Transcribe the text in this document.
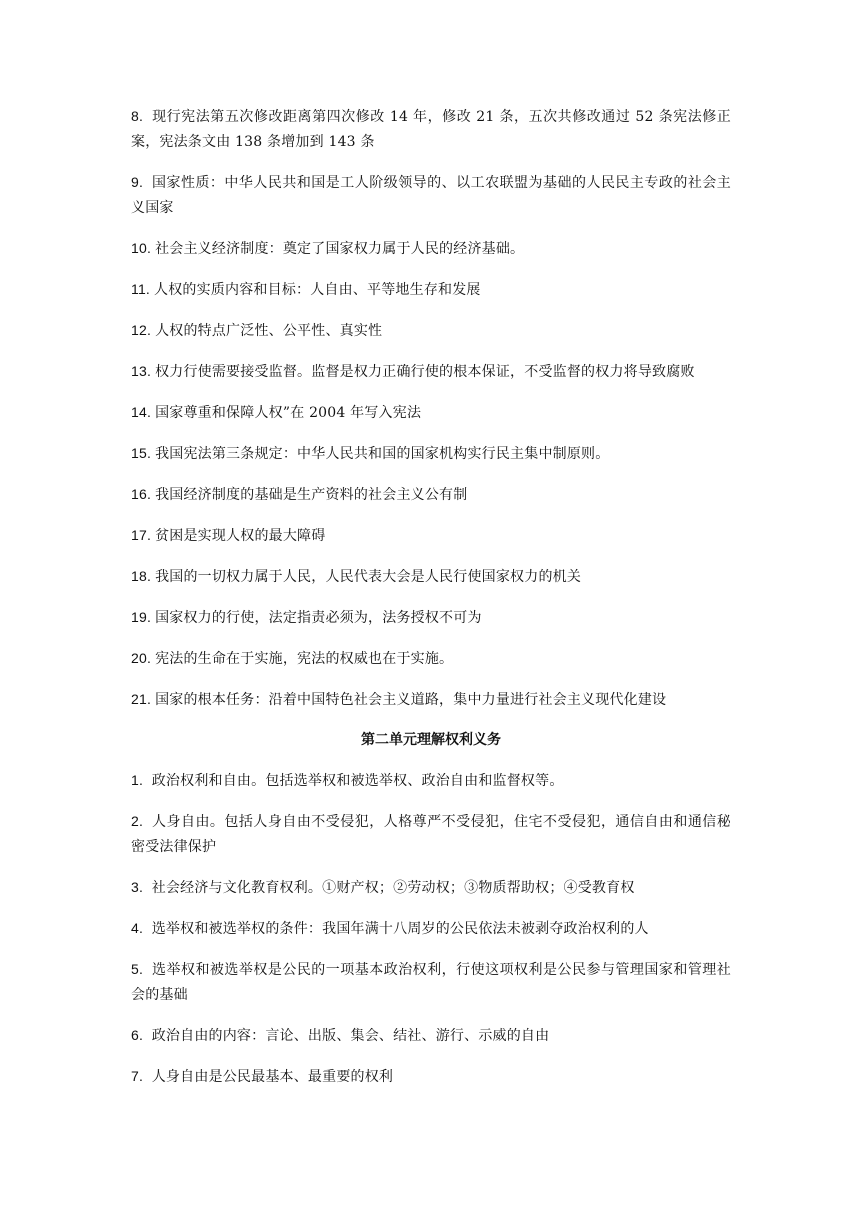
8. 现行宪法第五次修改距离第四次修改 14 年，修改 21 条，五次共修改通过 52 条宪法修正案，宪法条文由 138 条增加到 143 条

9. 国家性质：中华人民共和国是工人阶级领导的、以工农联盟为基础的人民民主专政的社会主义国家

10. 社会主义经济制度：奠定了国家权力属于人民的经济基础。

11. 人权的实质内容和目标：人自由、平等地生存和发展

12. 人权的特点广泛性、公平性、真实性

13. 权力行使需要接受监督。监督是权力正确行使的根本保证，不受监督的权力将导致腐败

14. 国家尊重和保障人权”在 2004 年写入宪法

15. 我国宪法第三条规定：中华人民共和国的国家机构实行民主集中制原则。

16. 我国经济制度的基础是生产资料的社会主义公有制

17. 贫困是实现人权的最大障碍

18. 我国的一切权力属于人民，人民代表大会是人民行使国家权力的机关

19. 国家权力的行使，法定指责必须为，法务授权不可为

20. 宪法的生命在于实施，宪法的权威也在于实施。

21. 国家的根本任务：沿着中国特色社会主义道路，集中力量进行社会主义现代化建设

第二单元理解权利义务

1. 政治权利和自由。包括选举权和被选举权、政治自由和监督权等。

2. 人身自由。包括人身自由不受侵犯，人格尊严不受侵犯，住宅不受侵犯，通信自由和通信秘密受法律保护

3. 社会经济与文化教育权利。①财产权；②劳动权；③物质帮助权；④受教育权

4. 选举权和被选举权的条件：我国年满十八周岁的公民依法未被剥夺政治权利的人

5. 选举权和被选举权是公民的一项基本政治权利，行使这项权利是公民参与管理国家和管理社会的基础

6. 政治自由的内容：言论、出版、集会、结社、游行、示威的自由

7. 人身自由是公民最基本、最重要的权利
